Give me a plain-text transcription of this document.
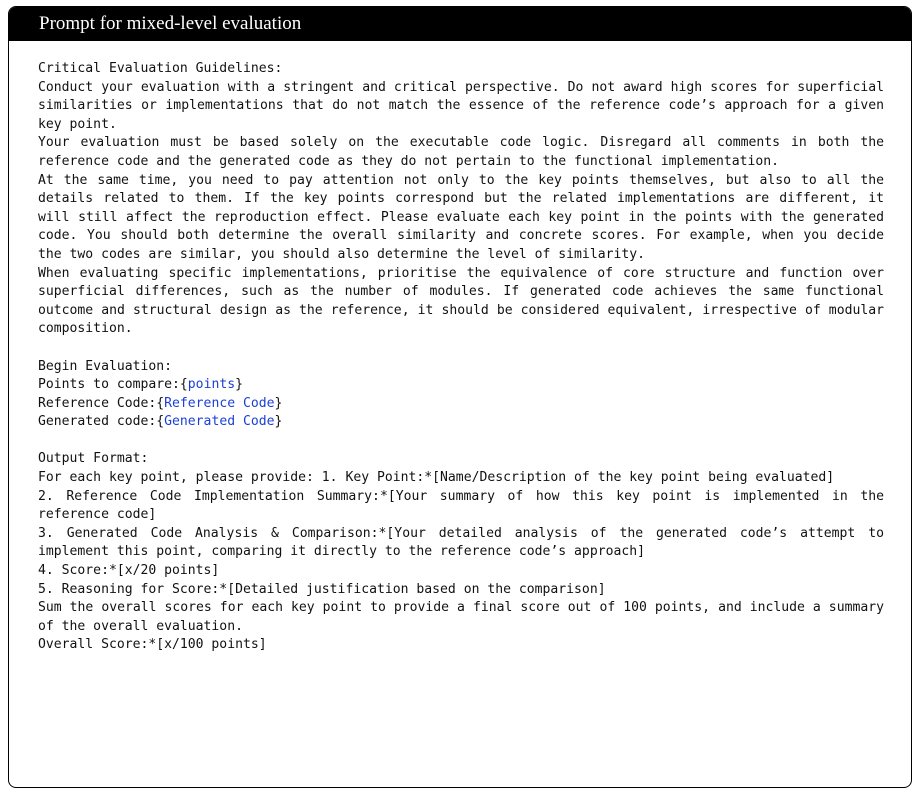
Prompt for mixed-level evaluation

Critical Evaluation Guidelines:

Conduct your evaluation with a stringent and critical perspective. Do not award high scores for superficial similarities or implementations that do not match the essence of the reference code’s approach for a given key point.

Your evaluation must be based solely on the executable code logic. Disregard all comments in both the reference code and the generated code as they do not pertain to the functional implementation.

At the same time, you need to pay attention not only to the key points themselves, but also to all the details related to them. If the key points correspond but the related implementations are different, it will still affect the reproduction effect. Please evaluate each key point in the points with the generated code. You should both determine the overall similarity and concrete scores. For example, when you decide the two codes are similar, you should also determine the level of similarity.

When evaluating specific implementations, prioritise the equivalence of core structure and function over superficial differences, such as the number of modules. If generated code achieves the same functional outcome and structural design as the reference, it should be considered equivalent, irrespective of modular composition.

Begin Evaluation:

Points to compare:{points}

Reference Code:{Reference Code}

Generated code:{Generated Code}

Output Format:

For each key point, please provide: 1. Key Point:*[Name/Description of the key point being evaluated]

2. Reference Code Implementation Summary:*[Your summary of how this key point is implemented in the reference code]

3. Generated Code Analysis & Comparison:*[Your detailed analysis of the generated code’s attempt to implement this point, comparing it directly to the reference code’s approach]

4. Score:*[x/20 points]

5. Reasoning for Score:*[Detailed justification based on the comparison]

Sum the overall scores for each key point to provide a final score out of 100 points, and include a summary of the overall evaluation.

Overall Score:*[x/100 points]
